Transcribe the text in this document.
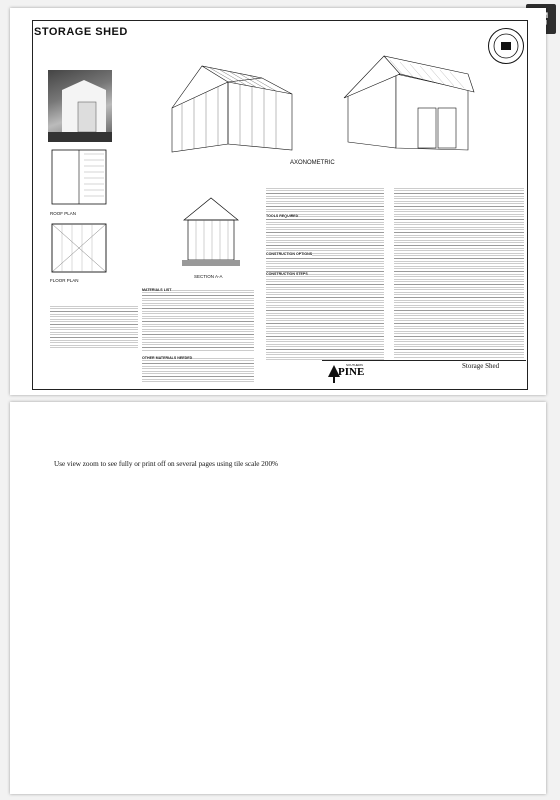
STORAGE SHED
ROOF PLAN
FLOOR PLAN
AXONOMETRIC
SECTION A-A
MATERIALS LIST
OTHER MATERIALS NEEDED
TOOLS REQUIRED
CONSTRUCTION OPTIONS
CONSTRUCTION STEPS
SOUTHERN
PINE	Storage Shed
Use view zoom to see fully or print off on several pages using tile scale 200%
